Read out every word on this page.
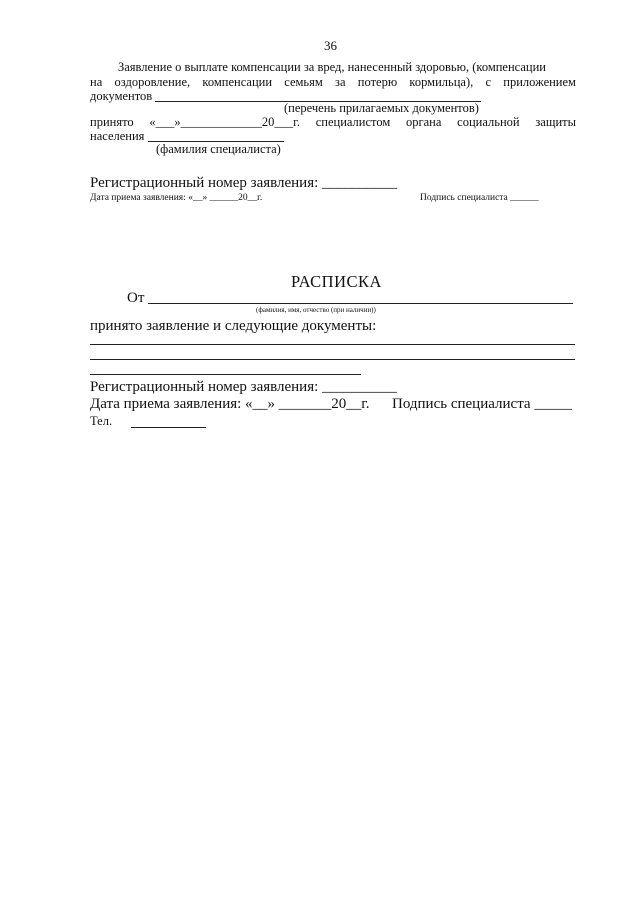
36
Заявление о выплате компенсации за вред, нанесенный здоровью, (компенсации
на оздоровление, компенсации семьям за потерю кормильца), с приложением
документов
(перечень прилагаемых документов)
принято «___»_____________20___г. специалистом органа социальной защиты
населения
(фамилия специалиста)
Регистрационный номер заявления: __________
Дата приема заявления: «__» ______20__г.	Подпись специалиста ______
РАСПИСКА
От
(фамилия, имя, отчество (при наличии))
принято заявление и следующие документы:
Регистрационный номер заявления: __________
Дата приема заявления: «__» _______20__г. Подпись специалиста _____
Тел.
